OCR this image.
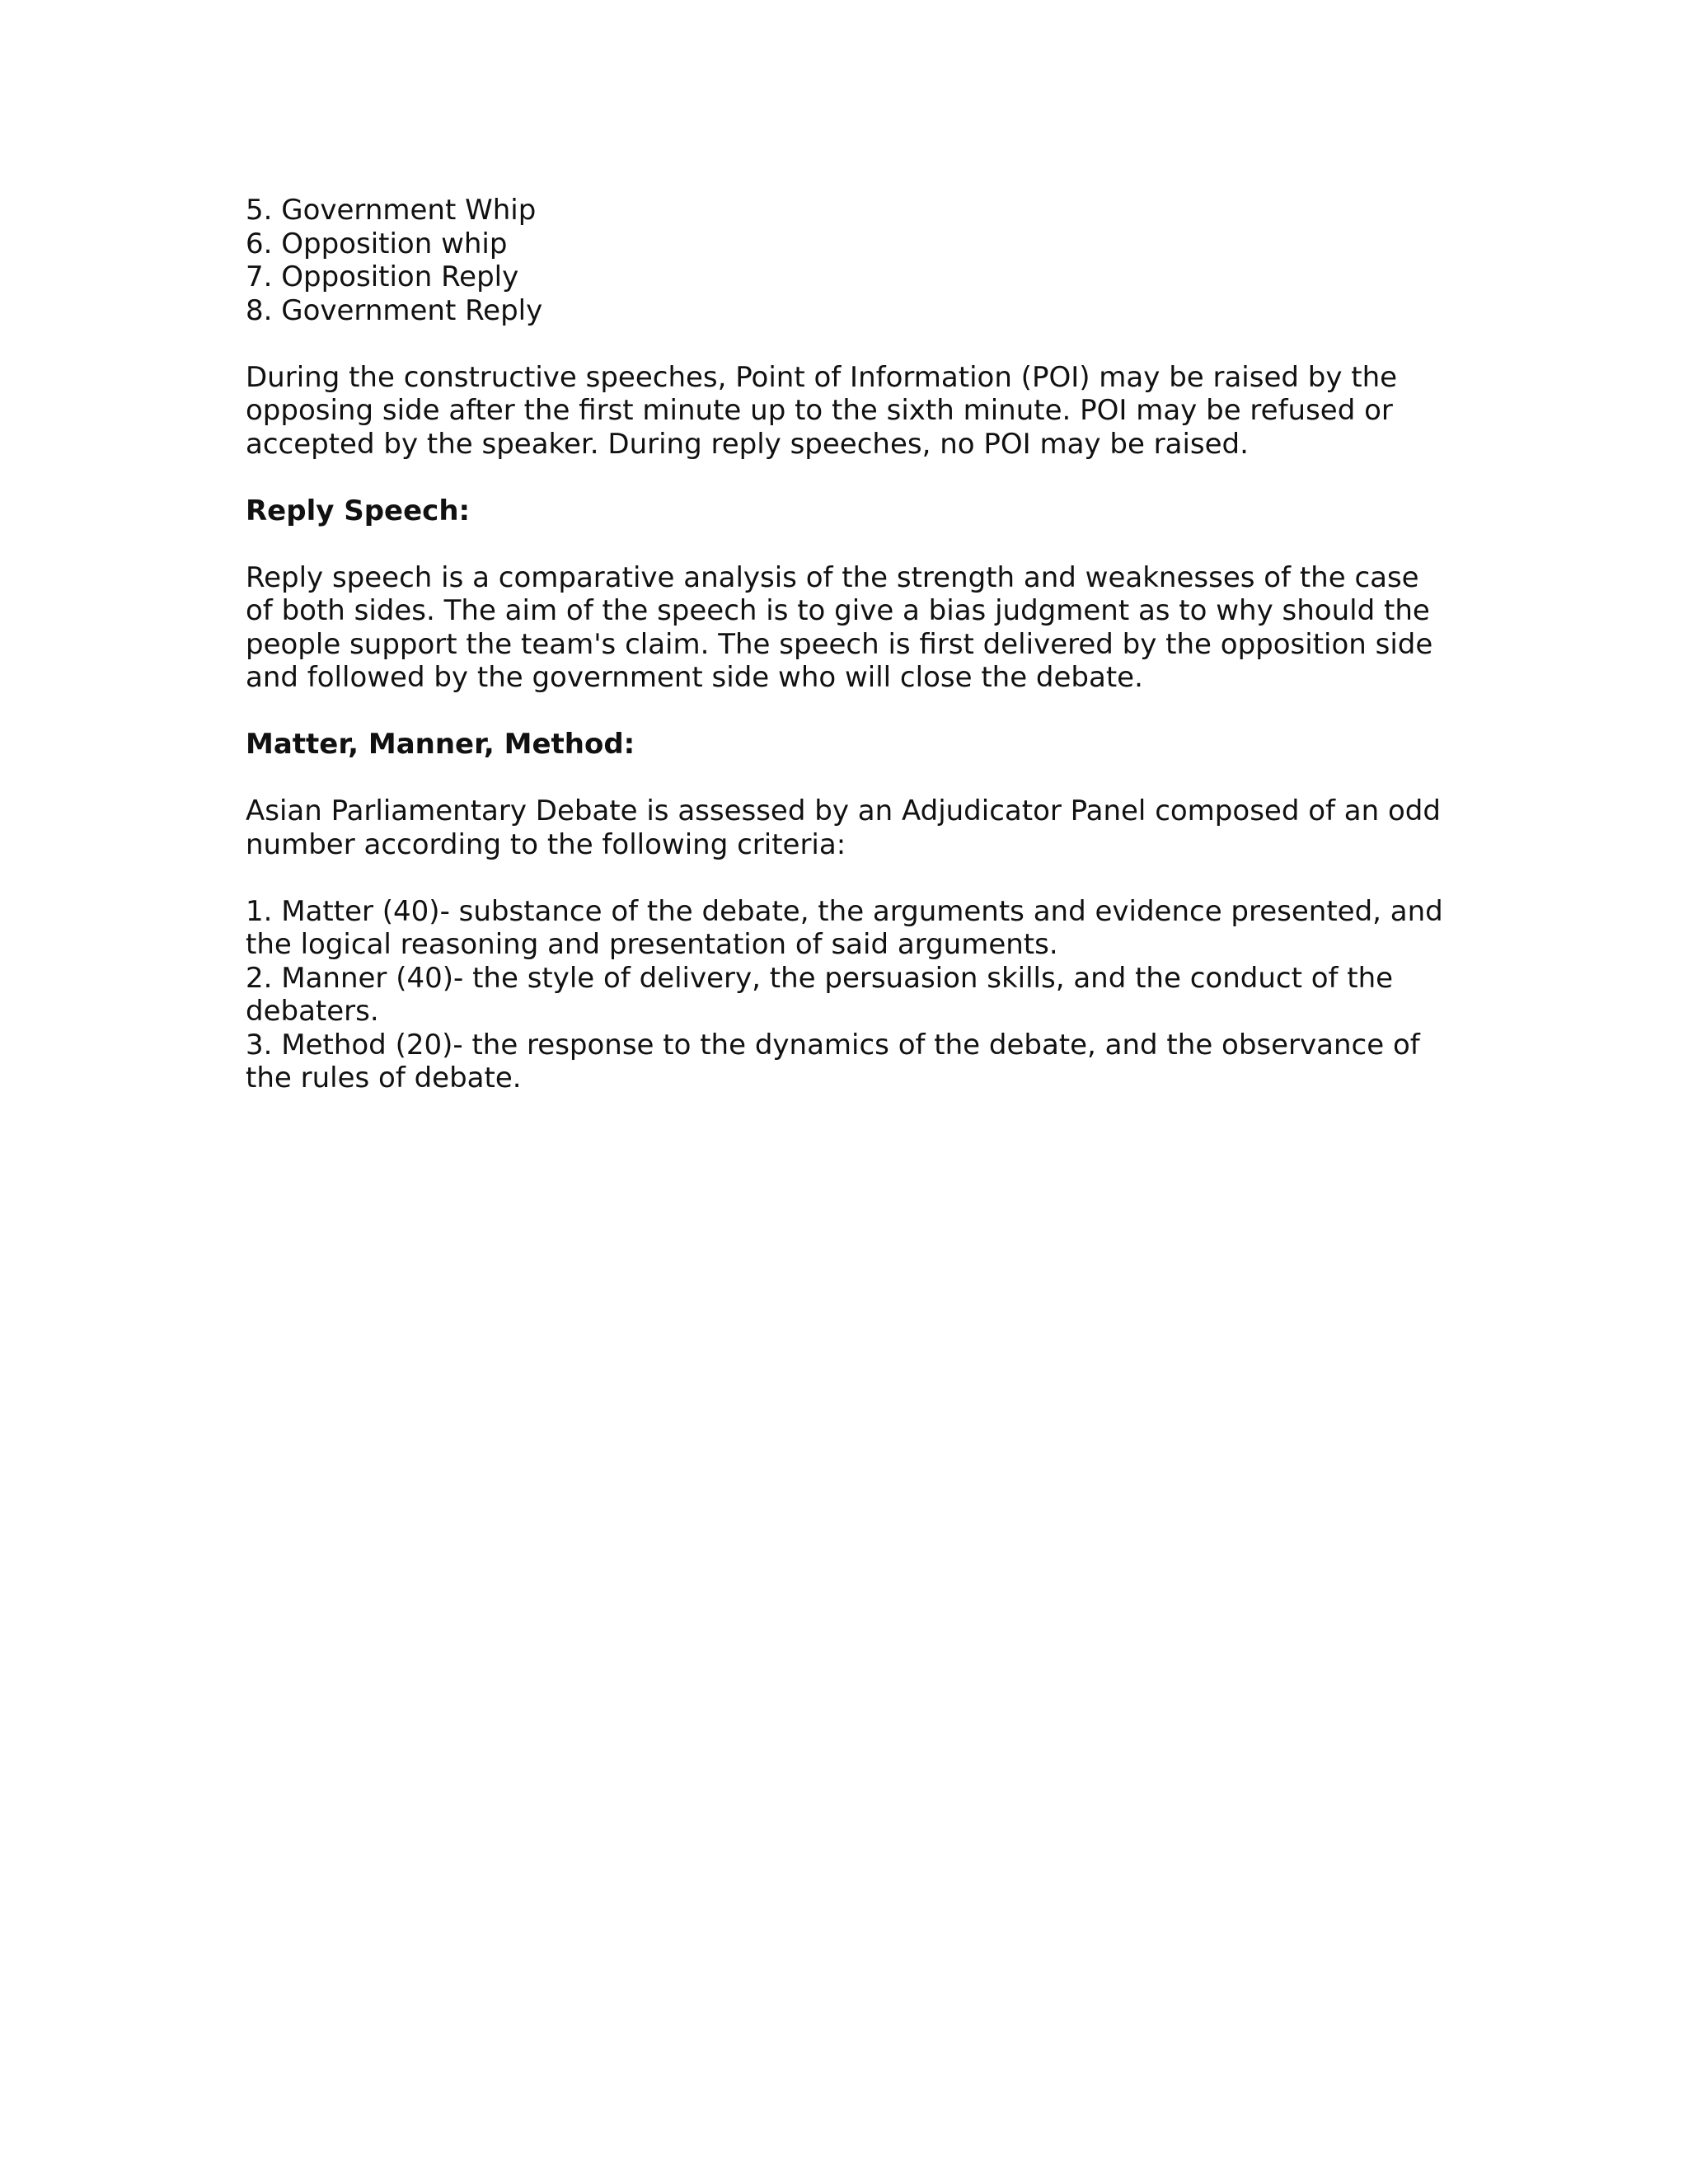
5. Government Whip
6. Opposition whip
7. Opposition Reply
8. Government Reply
During the constructive speeches, Point of Information (POI) may be raised by the
opposing side after the first minute up to the sixth minute. POI may be refused or
accepted by the speaker. During reply speeches, no POI may be raised.
Reply Speech:
Reply speech is a comparative analysis of the strength and weaknesses of the case
of both sides. The aim of the speech is to give a bias judgment as to why should the
people support the team's claim. The speech is first delivered by the opposition side
and followed by the government side who will close the debate.
Matter, Manner, Method:
Asian Parliamentary Debate is assessed by an Adjudicator Panel composed of an odd
number according to the following criteria:
1. Matter (40)- substance of the debate, the arguments and evidence presented, and
the logical reasoning and presentation of said arguments.
2. Manner (40)- the style of delivery, the persuasion skills, and the conduct of the
debaters.
3. Method (20)- the response to the dynamics of the debate, and the observance of
the rules of debate.
